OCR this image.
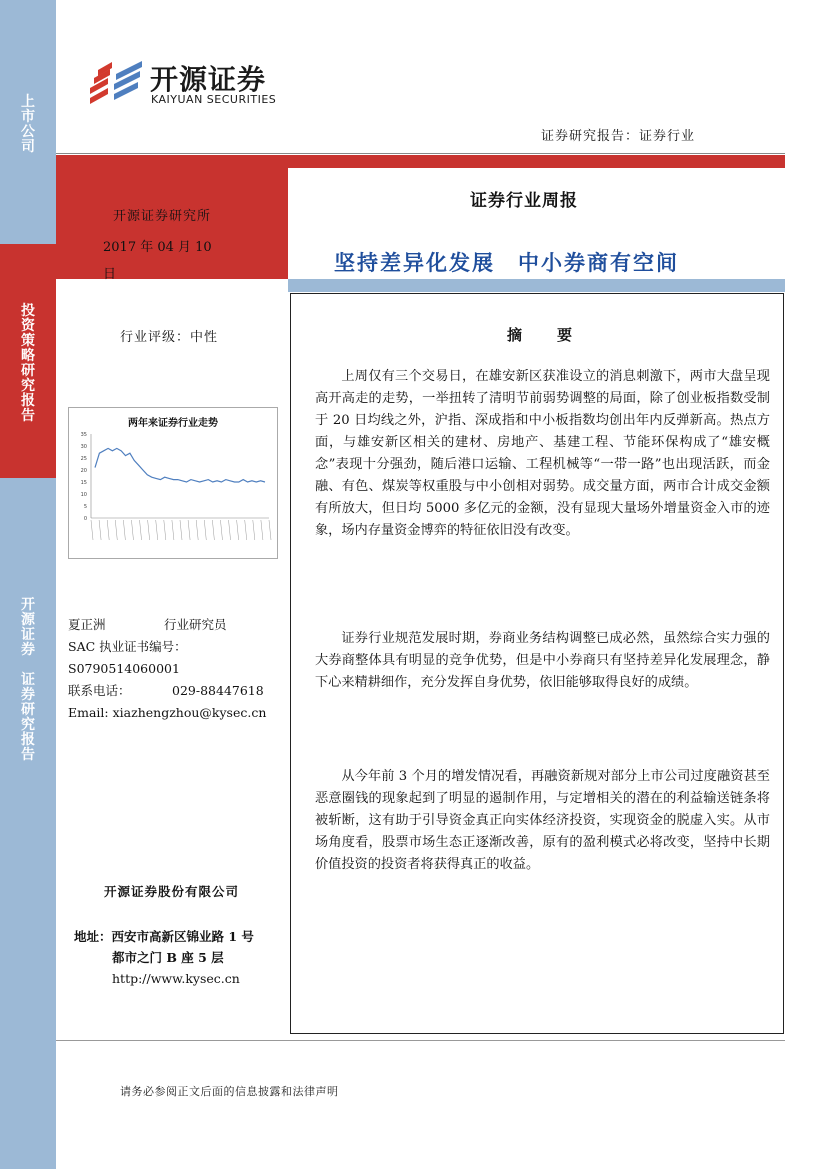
上
市
公
司
投
资
策
略
研
究
报
告
开
源
证
券

证
券
研
究
报
告
开源证券
KAIYUAN SECURITIES
证券研究报告：证券行业
开源证券研究所
2017 年 04 月 10 日
证券行业周报
坚持差异化发展　中小券商有空间
行业评级：中性
两年来证券行业走势
0
5
10
15
20
25
30
35
夏正洲	行业研究员
SAC 执业证书编号：
S0790514060001
联系电话：	029-88447618
Email: xiazhengzhou@kysec.cn
开源证券股份有限公司
地址：西安市高新区锦业路 1 号
都市之门 B 座 5 层
http://www.kysec.cn
摘　要
上周仅有三个交易日，在雄安新区获准设立的消息刺激下，两市大盘呈现高开高走的走势，一举扭转了清明节前弱势调整的局面，除了创业板指数受制于 20 日均线之外，沪指、深成指和中小板指数均创出年内反弹新高。热点方面，与雄安新区相关的建材、房地产、基建工程、节能环保构成了“雄安概念”表现十分强劲，随后港口运输、工程机械等“一带一路”也出现活跃，而金融、有色、煤炭等权重股与中小创相对弱势。成交量方面，两市合计成交金额有所放大，但日均 5000 多亿元的金额，没有显现大量场外增量资金入市的迹象，场内存量资金博弈的特征依旧没有改变。
证券行业规范发展时期，券商业务结构调整已成必然，虽然综合实力强的大券商整体具有明显的竞争优势，但是中小券商只有坚持差异化发展理念，静下心来精耕细作，充分发挥自身优势，依旧能够取得良好的成绩。
从今年前 3 个月的增发情况看，再融资新规对部分上市公司过度融资甚至恶意圈钱的现象起到了明显的遏制作用，与定增相关的潜在的利益输送链条将被斩断，这有助于引导资金真正向实体经济投资，实现资金的脱虚入实。从市场角度看，股票市场生态正逐渐改善，原有的盈利模式必将改变，坚持中长期价值投资的投资者将获得真正的收益。
请务必参阅正文后面的信息披露和法律声明
